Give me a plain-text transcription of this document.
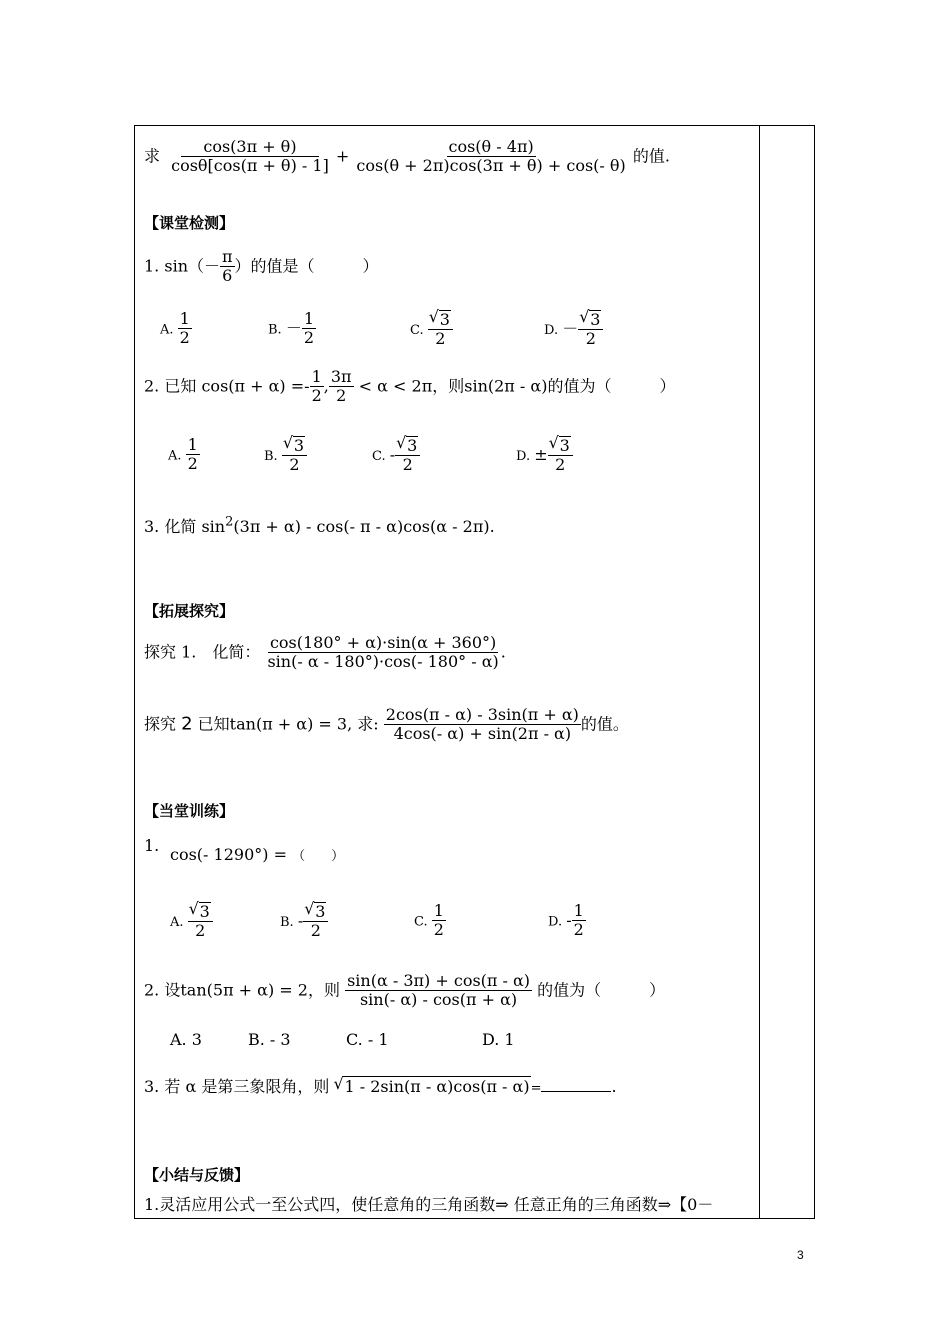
求 $\frac{\cos(3\pi + \theta)}{\cos\theta[\cos(\pi + \theta) - 1]} + \frac{\cos(\theta - 4\pi)}{\cos(\theta + 2\pi)\cos(3\pi + \theta) + \cos(- \theta)}$ 的值.
【课堂检测】
1. $\sin(- \frac{\pi}{6}$ ）的值是（　　　）
A. $\frac{1}{2}$	B. － $\frac{1}{2}$	C. √ $\frac{3}{2}$	D. － √ $\frac{3}{2}$
2. 已知 $\cos(\pi + \alpha) =- \frac{1}{2}$ , $\frac{3\pi}{2} < \alpha < 2\pi$，则sin(2π - α)的值为（　　　）
A. $\frac{1}{2}$	B. √ $\frac{3}{2}$	C. - √ $\frac{3}{2}$	D. ± √ $\frac{3}{2}$
3. 化简 $\sin^2(3\pi + \alpha) - \cos(-$ π - α)cos(α - 2π).
【拓展探究】
探究 1.　化简： $\frac{\cos(180^\circ + \alpha)\cdot\sin(\alpha + 360^\circ)}{\sin(- \alpha - 180^\circ)\cdot\cos(- 180^\circ - \alpha)}$ .
探究 2 已知tan(π + α) = 3, 求: $\frac{2\cos(\pi - \alpha) - 3\sin(\pi + \alpha)}{4\cos(- \alpha) + \sin(2\pi - \alpha)}$ 的值。
【当堂训练】
1. cos(- 1290°) = （　　）
A. √ $\frac{3}{2}$	B. - √ $\frac{3}{2}$	C. $\frac{1}{2}$	D. - $\frac{1}{2}$
2. 设tan(5π + α) = 2，则 $\frac{\sin(\alpha - 3\pi) + \cos(\pi - \alpha)}{\sin(- \alpha) - \cos(\pi + \alpha)}$ 的值为（　　　）
A. 3	B. - 3	C. - 1	D. 1
3. 若 α 是第三象限角，则 √ 1 - 2sin(π - α)cos(π - α)=	.
【小结与反馈】
1.灵活应用公式一至公式四，使任意角的三角函数⇒ 任意正角的三角函数⇒【0－
3
